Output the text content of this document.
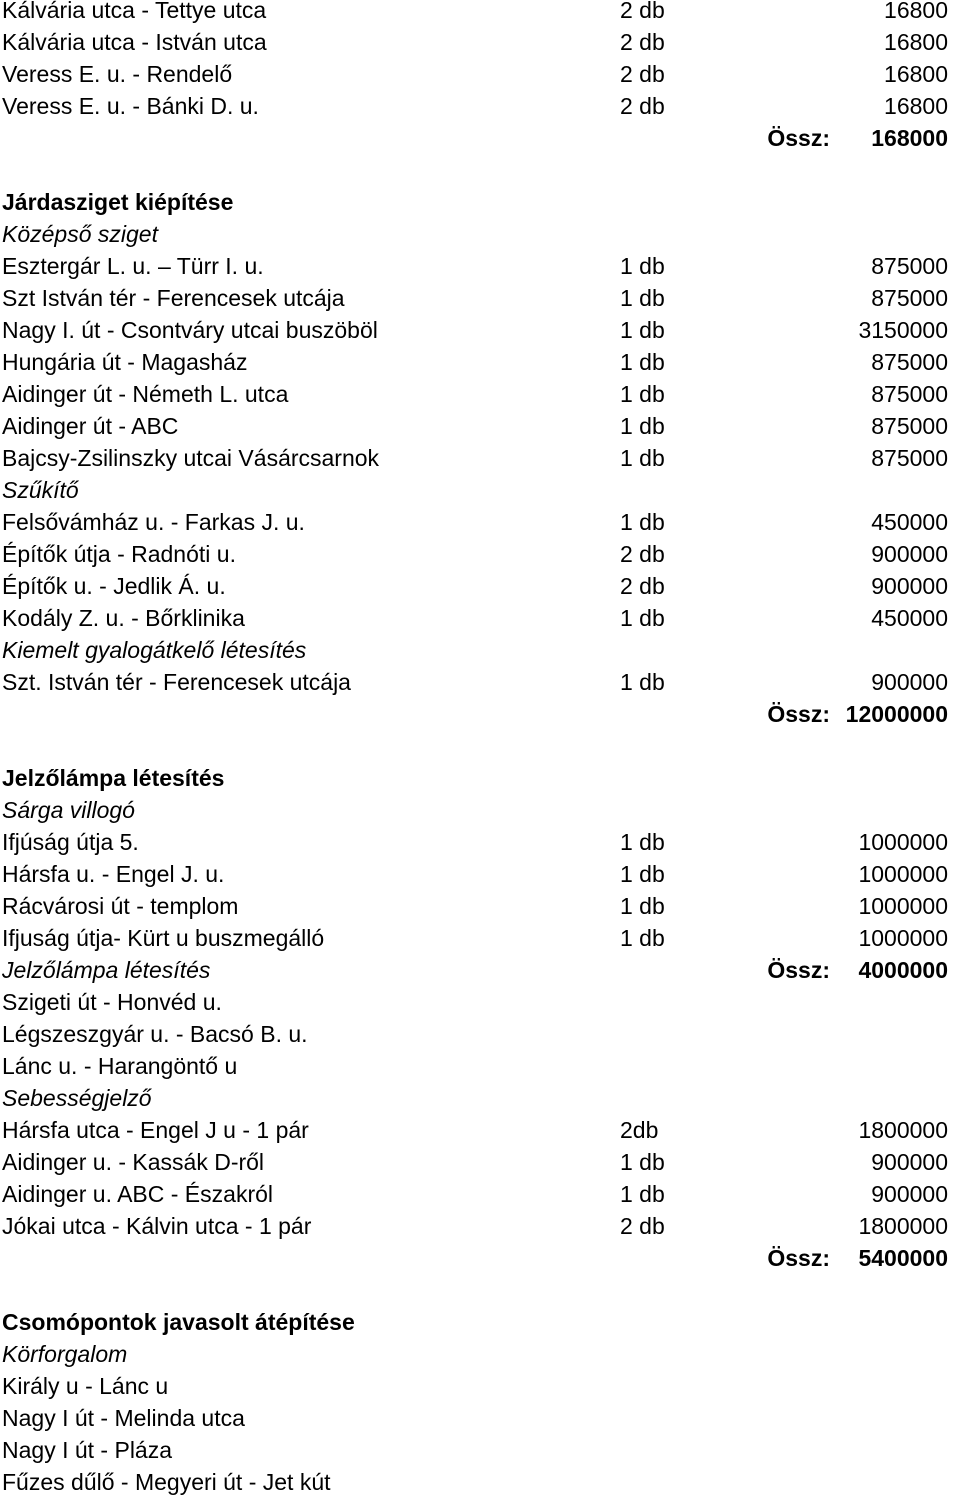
Kálvária utca - Tettye utca	2 db	16800
Kálvária utca - István utca	2 db	16800
Veress E. u. - Rendelő	2 db	16800
Veress E. u. - Bánki D. u.	2 db	16800
Össz: 168000
Járdasziget kiépítése
Középső sziget
Esztergár L. u. – Türr I. u.	1 db	875000
Szt István tér - Ferencesek utcája	1 db	875000
Nagy I. út - Csontváry utcai buszöböl	1 db	3150000
Hungária út - Magasház	1 db	875000
Aidinger út - Németh L. utca	1 db	875000
Aidinger út - ABC	1 db	875000
Bajcsy-Zsilinszky utcai Vásárcsarnok	1 db	875000
Szűkítő
Felsővámház u. - Farkas J. u.	1 db	450000
Építők útja - Radnóti u.	2 db	900000
Építők u. - Jedlik Á. u.	2 db	900000
Kodály Z. u. - Bőrklinika	1 db	450000
Kiemelt gyalogátkelő létesítés
Szt. István tér - Ferencesek utcája	1 db	900000
Össz: 12000000
Jelzőlámpa létesítés
Sárga villogó
Ifjúság útja 5.	1 db	1000000
Hársfa u. - Engel J. u.	1 db	1000000
Rácvárosi út - templom	1 db	1000000
Ifjuság útja- Kürt u buszmegálló	1 db	1000000
Jelzőlámpa létesítés	Össz: 4000000
Szigeti út - Honvéd u.
Légszeszgyár u. - Bacsó B. u.
Lánc u. - Harangöntő u
Sebességjelző
Hársfa utca - Engel J u - 1 pár	2db	1800000
Aidinger u. - Kassák D-ről	1 db	900000
Aidinger u. ABC - Északról	1 db	900000
Jókai utca - Kálvin utca - 1 pár	2 db	1800000
Össz: 5400000
Csomópontok javasolt átépítése
Körforgalom
Király u - Lánc u
Nagy I út - Melinda utca
Nagy I út - Pláza
Fűzes dűlő - Megyeri út - Jet kút
